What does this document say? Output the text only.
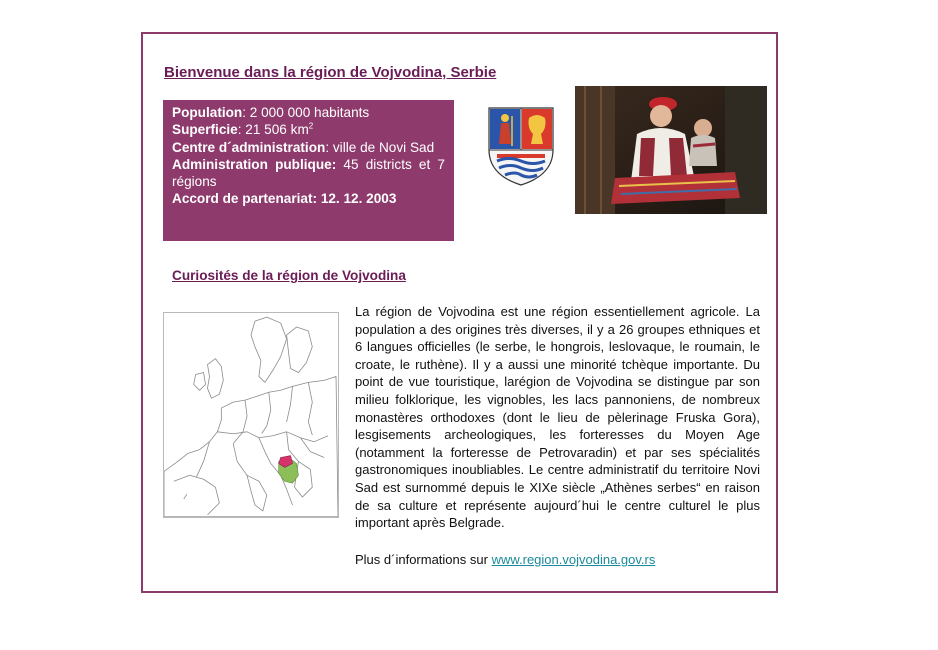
Bienvenue dans la région de Vojvodina, Serbie

Population: 2 000 000 habitants

Superficie: 21 506 $km^2$

Centre d´administration: ville de Novi Sad

Administration publique: 45 districts et 7 régions

Accord de partenariat: 12. 12. 2003

Curiosités de la région de Vojvodina

La région de Vojvodina est une région essentiellement agricole. La population a des origines très diverses, il y a 26 groupes ethniques et 6 langues officielles (le serbe, le hongrois, leslovaque, le roumain, le croate, le ruthène). Il y a aussi une minorité tchèque importante. Du point de vue touristique, larégion de Vojvodina se distingue par son milieu folklorique, les vignobles, les lacs pannoniens, de nombreux monastères orthodoxes (dont le lieu de pèlerinage Fruska Gora), lesgisements archeologiques, les forteresses du Moyen Age (notamment la forteresse de Petrovaradin) et par ses spécialités gastronomiques inoubliables. Le centre administratif du territoire Novi Sad est surnommé depuis le XIXe siècle „Athènes serbes“ en raison de sa culture et représente aujourd´hui le centre culturel le plus important après Belgrade.

Plus d´informations sur www.region.vojvodina.gov.rs
